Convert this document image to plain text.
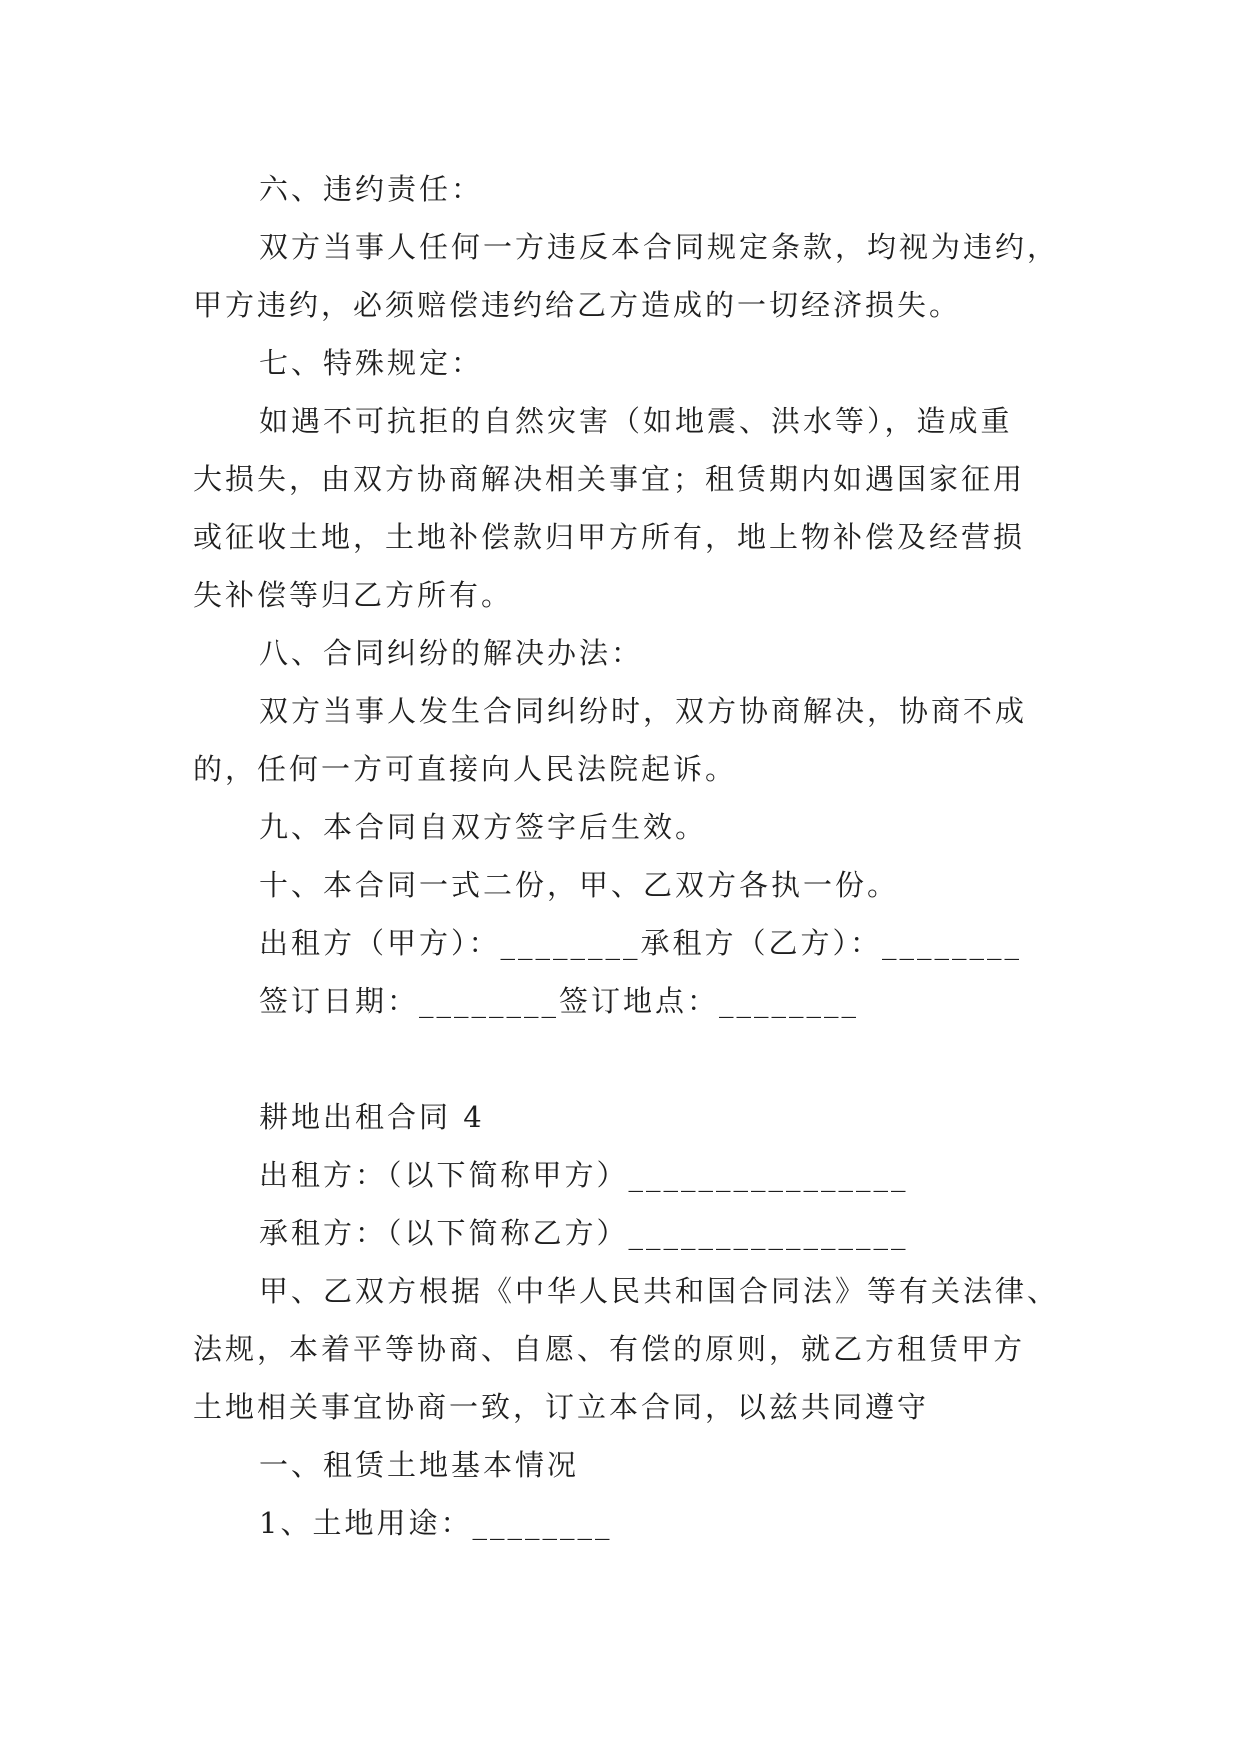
六、违约责任：
双方当事人任何一方违反本合同规定条款，均视为违约，
甲方违约，必须赔偿违约给乙方造成的一切经济损失。
七、特殊规定：
如遇不可抗拒的自然灾害（如地震、洪水等），造成重
大损失，由双方协商解决相关事宜；租赁期内如遇国家征用
或征收土地，土地补偿款归甲方所有，地上物补偿及经营损
失补偿等归乙方所有。
八、合同纠纷的解决办法：
双方当事人发生合同纠纷时，双方协商解决，协商不成
的，任何一方可直接向人民法院起诉。
九、本合同自双方签字后生效。
十、本合同一式二份，甲、乙双方各执一份。
出租方（甲方）：________承租方（乙方）：________
签订日期：________签订地点：________
耕地出租合同 4
出租方：（以下简称甲方）________________
承租方：（以下简称乙方）________________
甲、乙双方根据《中华人民共和国合同法》等有关法律、
法规，本着平等协商、自愿、有偿的原则，就乙方租赁甲方
土地相关事宜协商一致，订立本合同，以兹共同遵守
一、租赁土地基本情况
1、土地用途：________
